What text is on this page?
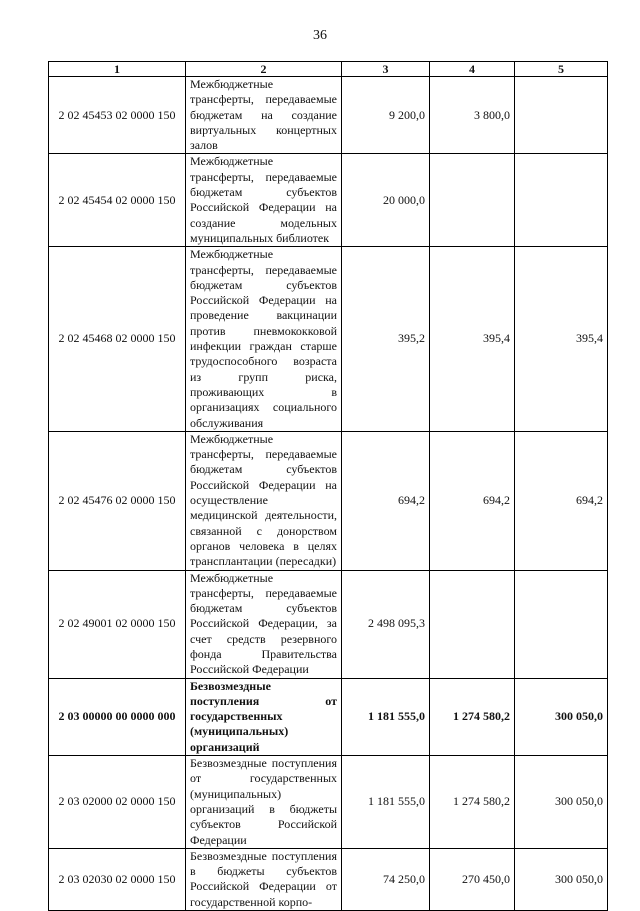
36
1	2	3	4	5
2 02 45453 02 0000 150	Межбюджетные трансферты, передаваемые бюджетам на создание виртуальных концертных залов	9 200,0	3 800,0	
2 02 45454 02 0000 150	Межбюджетные трансферты, передаваемые бюджетам субъектов Российской Федерации на создание модельных муниципальных библиотек	20 000,0		
2 02 45468 02 0000 150	Межбюджетные трансферты, передаваемые бюджетам субъектов Российской Федерации на проведение вакцинации против пневмококковой инфекции граждан старше трудоспособного возраста из групп риска, проживающих в организациях социального обслуживания	395,2	395,4	395,4
2 02 45476 02 0000 150	Межбюджетные трансферты, передаваемые бюджетам субъектов Российской Федерации на осуществление медицинской деятельности, связанной с донорством органов человека в целях трансплантации (пересадки)	694,2	694,2	694,2
2 02 49001 02 0000 150	Межбюджетные трансферты, передаваемые бюджетам субъектов Российской Федерации, за счет средств резервного фонда Правительства Российской Федерации	2 498 095,3		
2 03 00000 00 0000 000	Безвозмездные поступления от государственных (муниципальных) организаций	1 181 555,0	1 274 580,2	300 050,0
2 03 02000 02 0000 150	Безвозмездные поступления от государственных (муниципальных) организаций в бюджеты субъектов Российской Федерации	1 181 555,0	1 274 580,2	300 050,0
2 03 02030 02 0000 150	Безвозмездные поступления в бюджеты субъектов Российской Федерации от государственной корпо-	74 250,0	270 450,0	300 050,0
